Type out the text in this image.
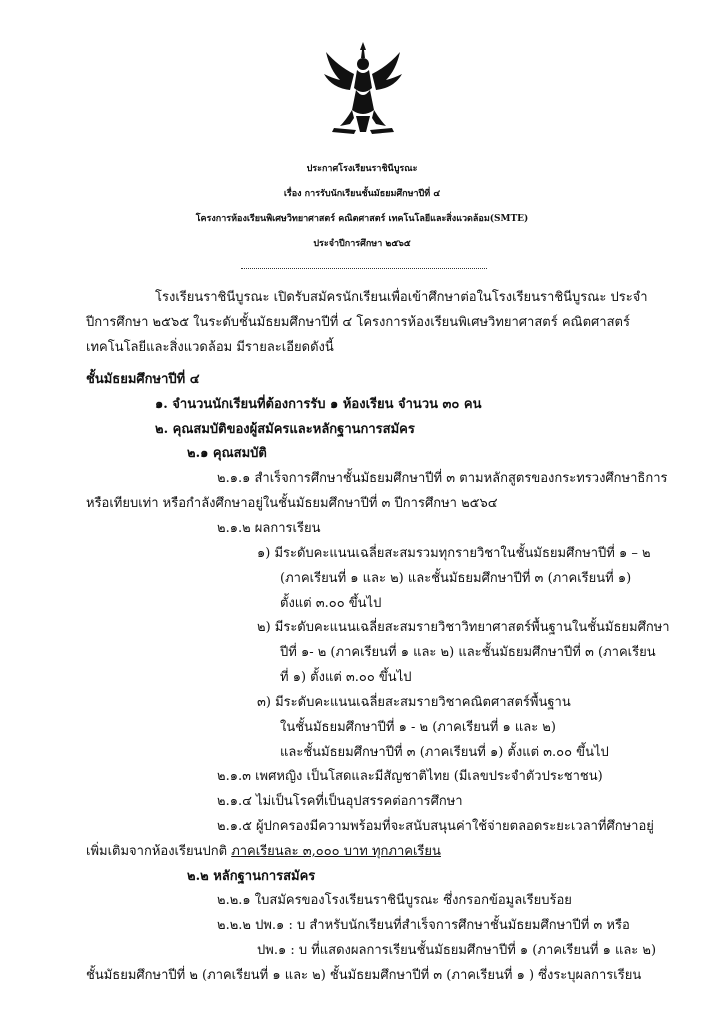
ประกาศโรงเรียนราชินีบูรณะ
เรื่อง การรับนักเรียนชั้นมัธยมศึกษาปีที่ ๔
โครงการห้องเรียนพิเศษวิทยาศาสตร์ คณิตศาสตร์ เทคโนโลยีและสิ่งแวดล้อม(SMTE)
ประจำปีการศึกษา ๒๕๖๕
โรงเรียนราชินีบูรณะ เปิดรับสมัครนักเรียนเพื่อเข้าศึกษาต่อในโรงเรียนราชินีบูรณะ ประจำ
ปีการศึกษา ๒๕๖๕ ในระดับชั้นมัธยมศึกษาปีที่ ๔ โครงการห้องเรียนพิเศษวิทยาศาสตร์ คณิตศาสตร์
เทคโนโลยีและสิ่งแวดล้อม มีรายละเอียดดังนี้
ชั้นมัธยมศึกษาปีที่ ๔
๑. จำนวนนักเรียนที่ต้องการรับ ๑ ห้องเรียน จำนวน ๓๐ คน
๒. คุณสมบัติของผู้สมัครและหลักฐานการสมัคร
๒.๑ คุณสมบัติ
๒.๑.๑ สำเร็จการศึกษาชั้นมัธยมศึกษาปีที่ ๓ ตามหลักสูตรของกระทรวงศึกษาธิการ
หรือเทียบเท่า หรือกำลังศึกษาอยู่ในชั้นมัธยมศึกษาปีที่ ๓ ปีการศึกษา ๒๕๖๔
๒.๑.๒ ผลการเรียน
๑) มีระดับคะแนนเฉลี่ยสะสมรวมทุกรายวิชาในชั้นมัธยมศึกษาปีที่ ๑ – ๒
(ภาคเรียนที่ ๑ และ ๒) และชั้นมัธยมศึกษาปีที่ ๓ (ภาคเรียนที่ ๑)
ตั้งแต่ ๓.๐๐ ขึ้นไป
๒) มีระดับคะแนนเฉลี่ยสะสมรายวิชาวิทยาศาสตร์พื้นฐานในชั้นมัธยมศึกษา
ปีที่ ๑- ๒ (ภาคเรียนที่ ๑ และ ๒) และชั้นมัธยมศึกษาปีที่ ๓ (ภาคเรียน
ที่ ๑) ตั้งแต่ ๓.๐๐ ขึ้นไป
๓) มีระดับคะแนนเฉลี่ยสะสมรายวิชาคณิตศาสตร์พื้นฐาน
ในชั้นมัธยมศึกษาปีที่ ๑ - ๒ (ภาคเรียนที่ ๑ และ ๒)
และชั้นมัธยมศึกษาปีที่ ๓ (ภาคเรียนที่ ๑) ตั้งแต่ ๓.๐๐ ขึ้นไป
๒.๑.๓ เพศหญิง เป็นโสดและมีสัญชาติไทย (มีเลขประจำตัวประชาชน)
๒.๑.๔ ไม่เป็นโรคที่เป็นอุปสรรคต่อการศึกษา
๒.๑.๕ ผู้ปกครองมีความพร้อมที่จะสนับสนุนค่าใช้จ่ายตลอดระยะเวลาที่ศึกษาอยู่
เพิ่มเติมจากห้องเรียนปกติ ภาคเรียนละ ๓,๐๐๐ บาท ทุกภาคเรียน
๒.๒ หลักฐานการสมัคร
๒.๒.๑ ใบสมัครของโรงเรียนราชินีบูรณะ ซึ่งกรอกข้อมูลเรียบร้อย
๒.๒.๒ ปพ.๑ : บ สำหรับนักเรียนที่สำเร็จการศึกษาชั้นมัธยมศึกษาปีที่ ๓ หรือ
ปพ.๑ : บ ที่แสดงผลการเรียนชั้นมัธยมศึกษาปีที่ ๑ (ภาคเรียนที่ ๑ และ ๒)
ชั้นมัธยมศึกษาปีที่ ๒ (ภาคเรียนที่ ๑ และ ๒) ชั้นมัธยมศึกษาปีที่ ๓ (ภาคเรียนที่ ๑ ) ซึ่งระบุผลการเรียน
